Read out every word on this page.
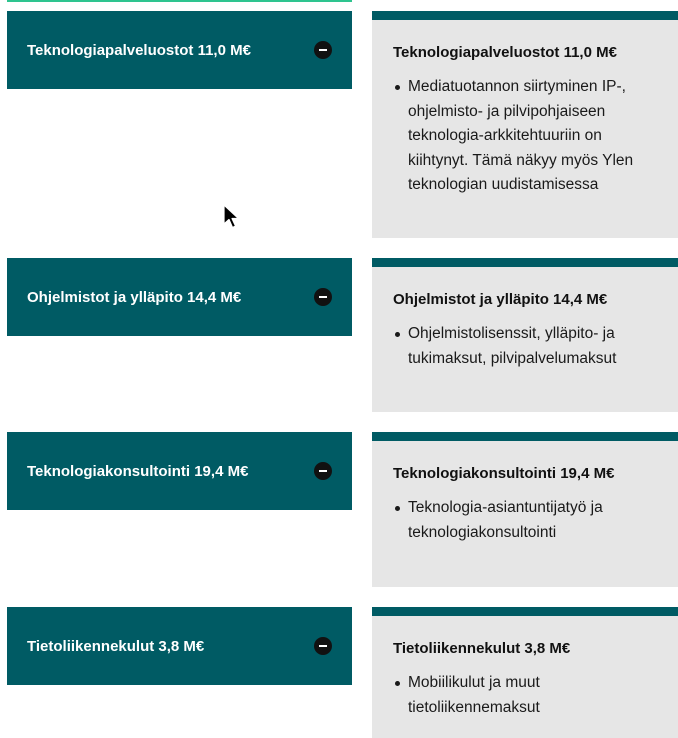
Teknologiapalveluostot 11,0 M€	Teknologiapalveluostot 11,0 M€
Mediatuotannon siirtyminen IP-, ohjelmisto- ja pilvipohjaiseen teknologia-arkkitehtuuriin on kiihtynyt. Tämä näkyy myös Ylen teknologian uudistamisessa
Ohjelmistot ja ylläpito 14,4 M€	Ohjelmistot ja ylläpito 14,4 M€
Ohjelmistolisenssit, ylläpito- ja tukimaksut, pilvipalvelumaksut
Teknologiakonsultointi 19,4 M€	Teknologiakonsultointi 19,4 M€
Teknologia-asiantuntijatyö ja teknologiakonsultointi
Tietoliikennekulut 3,8 M€	Tietoliikennekulut 3,8 M€
Mobiilikulut ja muut tietoliikennemaksut
